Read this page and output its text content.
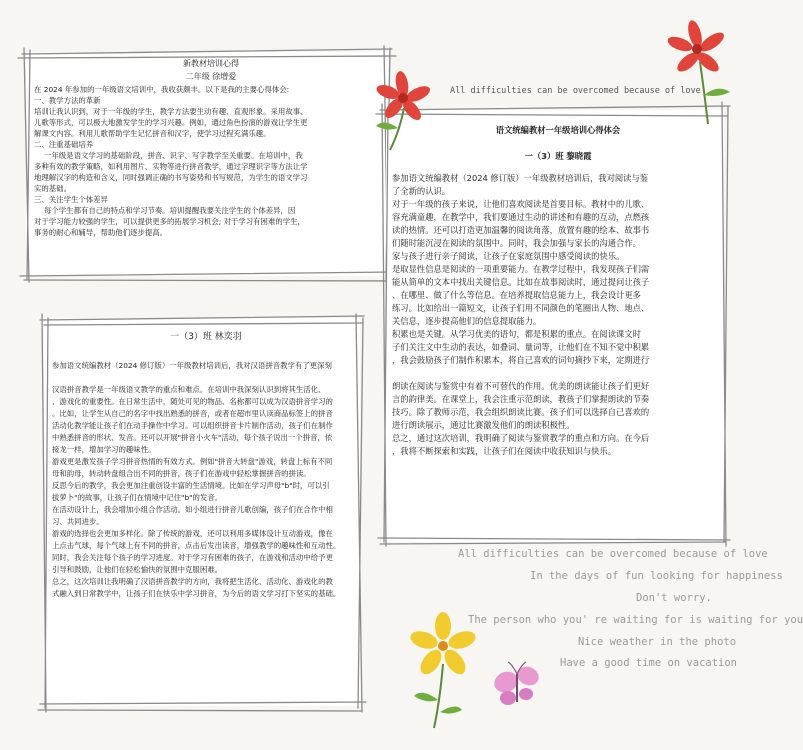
新教材培训心得
二年级 徐增爱
在 2024 年参加的一年级语文培训中，我收获颇丰。以下是我的主要心得体会:
一、教学方法的革新
培训让我认识到，对于一年级的学生，教学方法要生动有趣、直观形象。采用故事、
儿歌等形式，可以极大地激发学生的学习兴趣。例如，通过角色扮演的游戏让学生更
解课文内容。利用儿歌帮助学生记忆拼音和汉字，使学习过程充满乐趣。
二、注重基础培养
一年级是语文学习的基础阶段，拼音、识字、写字教学至关重要。在培训中，我
多种有效的教学策略，如利用图片、实物等进行拼音教学，通过字理识字等方法让学
地理解汉字的构造和含义，同时强调正确的书写姿势和书写规范，为学生的语文学习
实的基础。
三、关注学生个体差异
每个学生都有自己的特点和学习节奏。培训提醒我要关注学生的个体差异，因
对于学习能力较强的学生，可以提供更多的拓展学习机会; 对于学习有困难的学生，
事务的耐心和辅导，帮助他们逐步提高。
一（3）班 林奕羽
参加语文统编教材（2024 修订版）一年级教材培训后，我对汉语拼音教学有了更深刻
汉语拼音教学是一年级语文教学的重点和难点。在培训中我深刻认识到将其生活化、
、游戏化的重要性。在日常生活中，随处可见的物品、名称都可以成为汉语拼音学习的
。比如，让学生从自己的名字中找出熟悉的拼音，或者在超市里认读商品标签上的拼音
活动化教学能让孩子们在动手操作中学习。可以组织拼音卡片制作活动，孩子们在制作
中熟悉拼音的形状、发音。还可以开展"拼音小火车"活动，每个孩子说出一个拼音，依
接龙一样，增加学习的趣味性。
游戏更是激发孩子学习拼音热情的有效方式。例如"拼音大转盘"游戏，转盘上标有不同
母和韵母，转动转盘组合出不同的拼音，孩子们在游戏中轻松掌握拼音的拼读。
反思今后的教学，我会更加注重创设丰富的生活情境。比如在学习声母"b"时，可以引
拔萝卜"的故事，让孩子们在情境中记住"b"的发音。
在活动设计上，我会增加小组合作活动。如小组进行拼音儿歌创编，孩子们在合作中相
习、共同进步。
游戏的选择也会更加多样化。除了传统的游戏，还可以利用多媒体设计互动游戏，像在
上点击气球，每个气球上有不同的拼音，点击后发出读音，增强教学的趣味性和互动性。
同时，我会关注每个孩子的学习进度。对于学习有困难的孩子，在游戏和活动中给予更
引导和鼓励，让他们在轻松愉快的氛围中克服困难。
总之，这次培训让我明确了汉语拼音教学的方向，我将把生活化、活动化、游戏化的教
式融入到日常教学中，让孩子们在快乐中学习拼音，为今后的语文学习打下坚实的基础。
语文统编教材一年级培训心得体会
一（3）班 黎晓霞
参加语文统编教材（2024 修订版）一年级教材培训后，我对阅读与鉴
了全新的认识。
对于一年级的孩子来说，让他们喜欢阅读是首要目标。教材中的儿歌、
容充满童趣，在教学中，我们要通过生动的讲述和有趣的互动，点燃孩
读的热情。还可以打造更加温馨的阅读角落，放置有趣的绘本、故事书
们随时能沉浸在阅读的氛围中。同时，我会加强与家长的沟通合作。
家与孩子进行亲子阅读，让孩子在家庭氛围中感受阅读的快乐。
是取显性信息是阅读的一项重要能力。在教学过程中，我发现孩子们需
能从简单的文本中找出关键信息。比如在故事阅读时，通过提问让孩子
、在哪里、做了什么等信息。在培养提取信息能力上，我会设计更多
练习。比如给出一篇短文，让孩子们用不同颜色的笔圈出人物、地点、
关信息，逐步提高他们的信息提取能力。
积累也是关键。从学习优美的语句，都是积累的重点。在阅读课文时
子们关注文中生动的表达，如叠词、量词等，让他们在不知不觉中积累
，我会鼓励孩子们制作积累本，将自己喜欢的词句摘抄下来，定期进行
朗读在阅读与鉴赏中有着不可替代的作用。优美的朗读能让孩子们更好
言的韵律美。在课堂上，我会注重示范朗读，教孩子们掌握朗读的节奏
技巧。除了教师示范，我会组织朗读比赛。孩子们可以选择自己喜欢的
进行朗读展示，通过比赛激发他们的朗读积极性。
总之，通过这次培训，我明确了阅读与鉴赏教学的重点和方向。在今后
，我将不断探索和实践，让孩子们在阅读中收获知识与快乐。
All difficulties can be overcomed because of love
All difficulties can be overcomed because of love
In the days of fun looking for happiness
Don't worry.
The person who you' re waiting for is waiting for you
Nice weather in the photo
Have a good time on vacation
